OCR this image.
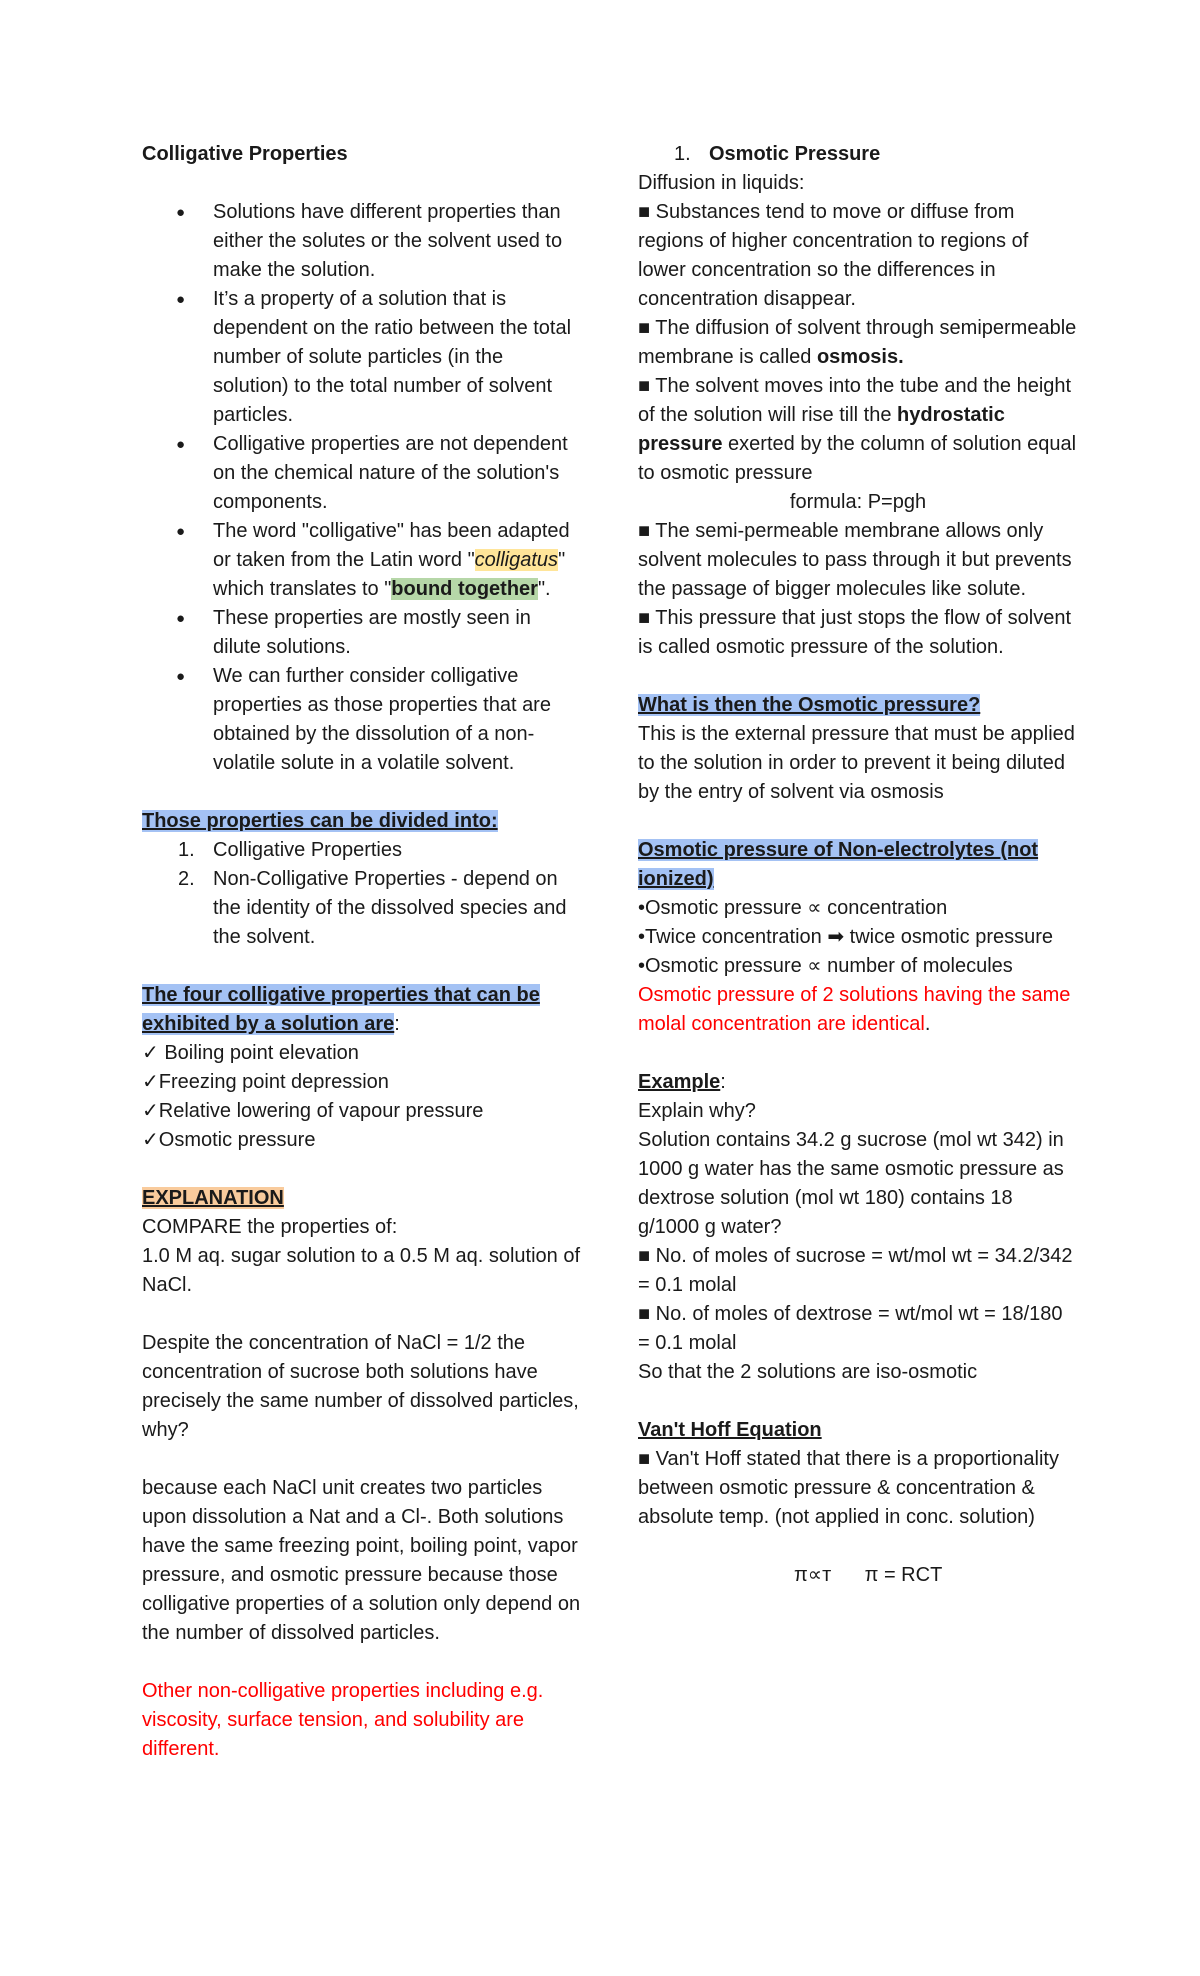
Colligative Properties

● Solutions have different properties than either the solutes or the solvent used to make the solution.
● It’s a property of a solution that is dependent on the ratio between the total number of solute particles (in the solution) to the total number of solvent particles.
● Colligative properties are not dependent on the chemical nature of the solution's components.
● The word "colligative" has been adapted or taken from the Latin word "colligatus" which translates to "bound together".
● These properties are mostly seen in dilute solutions.
● We can further consider colligative properties as those properties that are obtained by the dissolution of a non-volatile solute in a volatile solvent.

Those properties can be divided into:

1. Colligative Properties
2. Non-Colligative Properties - depend on the identity of the dissolved species and the solvent.

The four colligative properties that can be exhibited by a solution are:

✓ Boiling point elevation

✓Freezing point depression

✓Relative lowering of vapour pressure

✓Osmotic pressure

EXPLANATION

COMPARE the properties of:

1.0 M aq. sugar solution to a 0.5 M aq. solution of NaCl.

Despite the concentration of NaCl = 1/2 the concentration of sucrose both solutions have precisely the same number of dissolved particles, why?

because each NaCl unit creates two particles upon dissolution a Nat and a Cl-. Both solutions have the same freezing point, boiling point, vapor pressure, and osmotic pressure because those colligative properties of a solution only depend on the number of dissolved particles.

Other non-colligative properties including e.g. viscosity, surface tension, and solubility are different.

1. Osmotic Pressure

Diffusion in liquids:

■ Substances tend to move or diffuse from regions of higher concentration to regions of lower concentration so the differences in concentration disappear.

■ The diffusion of solvent through semipermeable membrane is called osmosis.

■ The solvent moves into the tube and the height of the solution will rise till the hydrostatic pressure exerted by the column of solution equal to osmotic pressure

formula: P=pgh

■ The semi-permeable membrane allows only solvent molecules to pass through it but prevents the passage of bigger molecules like solute.

■ This pressure that just stops the flow of solvent is called osmotic pressure of the solution.

What is then the Osmotic pressure?

This is the external pressure that must be applied to the solution in order to prevent it being diluted by the entry of solvent via osmosis

Osmotic pressure of Non-electrolytes (not ionized)

•Osmotic pressure ∝ concentration

•Twice concentration ➡ twice osmotic pressure

•Osmotic pressure ∝ number of molecules

Osmotic pressure of 2 solutions having the same molal concentration are identical.

Example:

Explain why?

Solution contains 34.2 g sucrose (mol wt 342) in 1000 g water has the same osmotic pressure as dextrose solution (mol wt 180) contains 18 g/1000 g water?

■ No. of moles of sucrose = wt/mol wt = 34.2/342 = 0.1 molal

■ No. of moles of dextrose = wt/mol wt = 18/180 = 0.1 molal

So that the 2 solutions are iso-osmotic

Van't Hoff Equation

■ Van't Hoff stated that there is a proportionality between osmotic pressure & concentration & absolute temp. (not applied in conc. solution)

π∝т      π = RCT
